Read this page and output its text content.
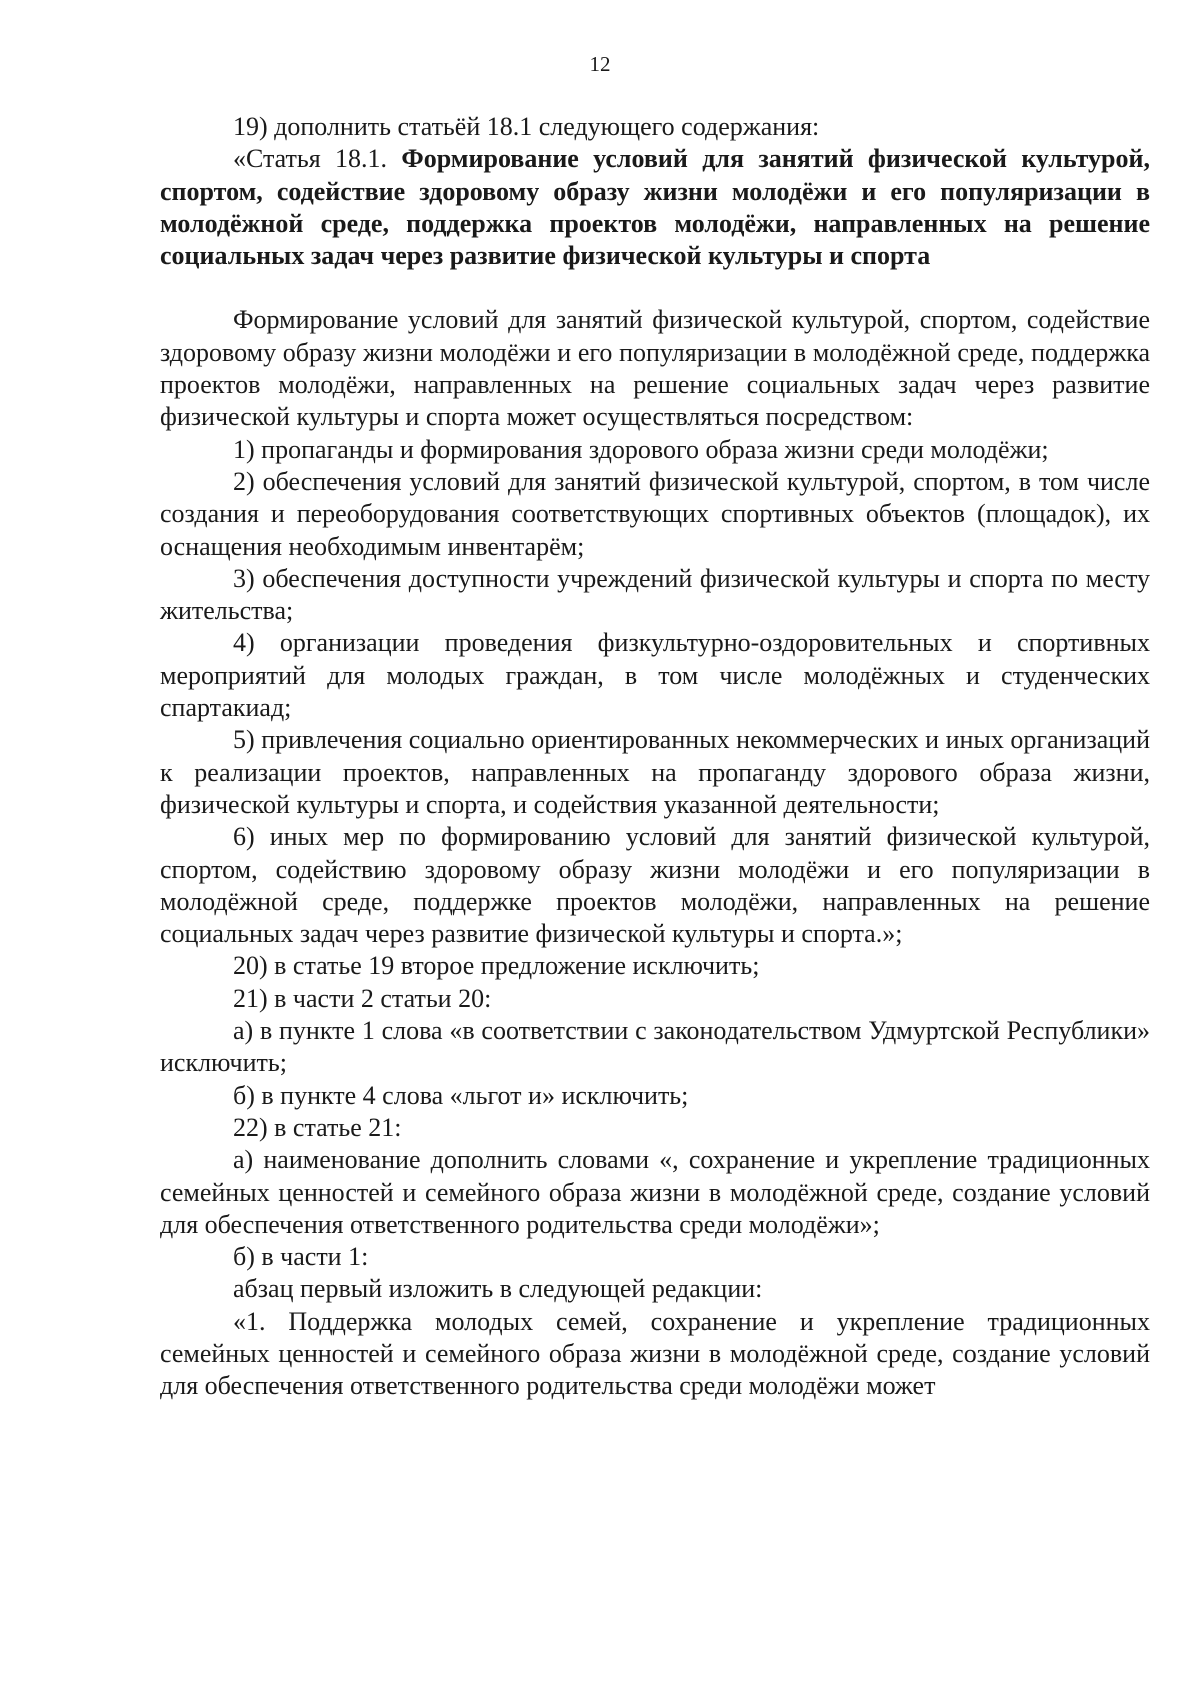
12

19) дополнить статьёй 18.1 следующего содержания:

«Статья 18.1. Формирование условий для занятий физической культурой, спортом, содействие здоровому образу жизни молодёжи и его популяризации в молодёжной среде, поддержка проектов молодёжи, направленных на решение социальных задач через развитие физической культуры и спорта

Формирование условий для занятий физической культурой, спортом, содействие здоровому образу жизни молодёжи и его популяризации в молодёжной среде, поддержка проектов молодёжи, направленных на решение социальных задач через развитие физической культуры и спорта может осуществляться посредством:

1) пропаганды и формирования здорового образа жизни среди молодёжи;

2) обеспечения условий для занятий физической культурой, спортом, в том числе создания и переоборудования соответствующих спортивных объектов (площадок), их оснащения необходимым инвентарём;

3) обеспечения доступности учреждений физической культуры и спорта по месту жительства;

4) организации проведения физкультурно-оздоровительных и спортивных мероприятий для молодых граждан, в том числе молодёжных и студенческих спартакиад;

5) привлечения социально ориентированных некоммерческих и иных организаций к реализации проектов, направленных на пропаганду здорового образа жизни, физической культуры и спорта, и содействия указанной деятельности;

6) иных мер по формированию условий для занятий физической культурой, спортом, содействию здоровому образу жизни молодёжи и его популяризации в молодёжной среде, поддержке проектов молодёжи, направленных на решение социальных задач через развитие физической культуры и спорта.»;

20) в статье 19 второе предложение исключить;

21) в части 2 статьи 20:

а) в пункте 1 слова «в соответствии с законодательством Удмуртской Республики» исключить;

б) в пункте 4 слова «льгот и» исключить;

22) в статье 21:

а) наименование дополнить словами «, сохранение и укрепление традиционных семейных ценностей и семейного образа жизни в молодёжной среде, создание условий для обеспечения ответственного родительства среди молодёжи»;

б) в части 1:

абзац первый изложить в следующей редакции:

«1. Поддержка молодых семей, сохранение и укрепление традиционных семейных ценностей и семейного образа жизни в молодёжной среде, создание условий для обеспечения ответственного родительства среди молодёжи может
